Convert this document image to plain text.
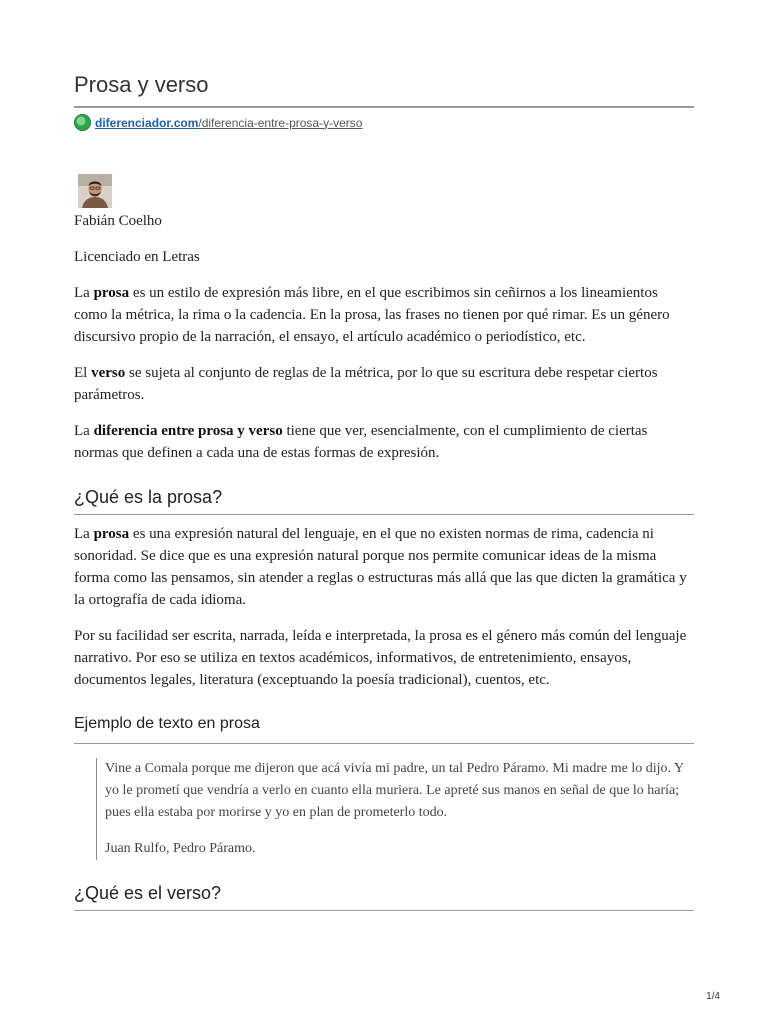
Prosa y verso
diferenciador.com/diferencia-entre-prosa-y-verso

Fabián Coelho

Licenciado en Letras

La prosa es un estilo de expresión más libre, en el que escribimos sin ceñirnos a los lineamientos como la métrica, la rima o la cadencia. En la prosa, las frases no tienen por qué rimar. Es un género discursivo propio de la narración, el ensayo, el artículo académico o periodístico, etc.

El verso se sujeta al conjunto de reglas de la métrica, por lo que su escritura debe respetar ciertos parámetros.

La diferencia entre prosa y verso tiene que ver, esencialmente, con el cumplimiento de ciertas normas que definen a cada una de estas formas de expresión.

¿Qué es la prosa?

La prosa es una expresión natural del lenguaje, en el que no existen normas de rima, cadencia ni sonoridad. Se dice que es una expresión natural porque nos permite comunicar ideas de la misma forma como las pensamos, sin atender a reglas o estructuras más allá que las que dicten la gramática y la ortografía de cada idioma.

Por su facilidad ser escrita, narrada, leída e interpretada, la prosa es el género más común del lenguaje narrativo. Por eso se utiliza en textos académicos, informativos, de entretenimiento, ensayos, documentos legales, literatura (exceptuando la poesía tradicional), cuentos, etc.

Ejemplo de texto en prosa

Vine a Comala porque me dijeron que acá vivía mi padre, un tal Pedro Páramo. Mi madre me lo dijo. Y yo le prometí que vendría a verlo en cuanto ella muriera. Le apreté sus manos en señal de que lo haría; pues ella estaba por morirse y yo en plan de prometerlo todo.

Juan Rulfo, Pedro Páramo.

¿Qué es el verso?
1/4
